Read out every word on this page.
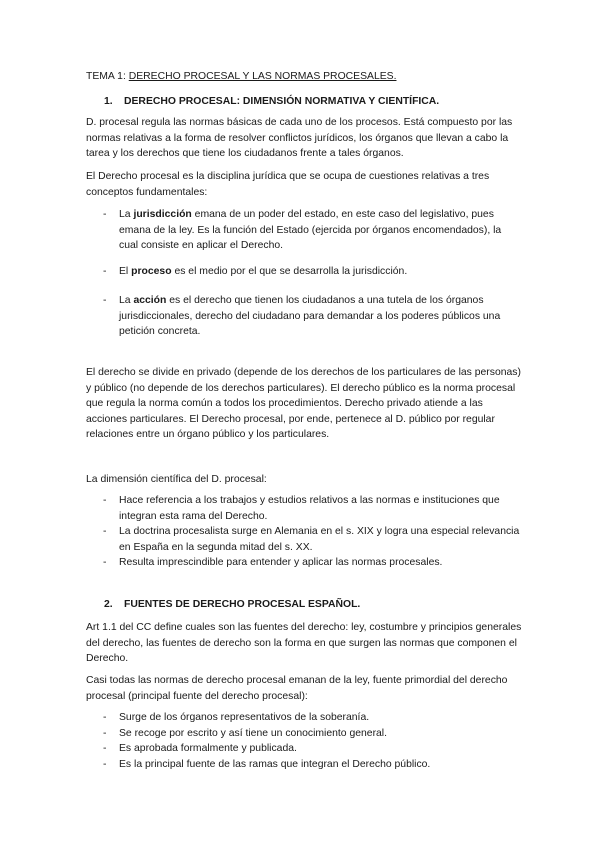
TEMA 1: DERECHO PROCESAL Y LAS NORMAS PROCESALES.

1. DERECHO PROCESAL: DIMENSIÓN NORMATIVA Y CIENTÍFICA.

D. procesal regula las normas básicas de cada uno de los procesos. Está compuesto por las normas relativas a la forma de resolver conflictos jurídicos, los órganos que llevan a cabo la tarea y los derechos que tiene los ciudadanos frente a tales órganos.

El Derecho procesal es la disciplina jurídica que se ocupa de cuestiones relativas a tres conceptos fundamentales:

- La jurisdicción emana de un poder del estado, en este caso del legislativo, pues emana de la ley. Es la función del Estado (ejercida por órganos encomendados), la cual consiste en aplicar el Derecho.
- El proceso es el medio por el que se desarrolla la jurisdicción.
- La acción es el derecho que tienen los ciudadanos a una tutela de los órganos jurisdiccionales, derecho del ciudadano para demandar a los poderes públicos una petición concreta.

El derecho se divide en privado (depende de los derechos de los particulares de las personas) y público (no depende de los derechos particulares). El derecho público es la norma procesal que regula la norma común a todos los procedimientos. Derecho privado atiende a las acciones particulares. El Derecho procesal, por ende, pertenece al D. público por regular relaciones entre un órgano público y los particulares.

La dimensión científica del D. procesal:

- Hace referencia a los trabajos y estudios relativos a las normas e instituciones que integran esta rama del Derecho.
- La doctrina procesalista surge en Alemania en el s. XIX y logra una especial relevancia en España en la segunda mitad del s. XX.
- Resulta imprescindible para entender y aplicar las normas procesales.

2. FUENTES DE DERECHO PROCESAL ESPAÑOL.

Art 1.1 del CC define cuales son las fuentes del derecho: ley, costumbre y principios generales del derecho, las fuentes de derecho son la forma en que surgen las normas que componen el Derecho.

Casi todas las normas de derecho procesal emanan de la ley, fuente primordial del derecho procesal (principal fuente del derecho procesal):

- Surge de los órganos representativos de la soberanía.
- Se recoge por escrito y así tiene un conocimiento general.
- Es aprobada formalmente y publicada.
- Es la principal fuente de las ramas que integran el Derecho público.
